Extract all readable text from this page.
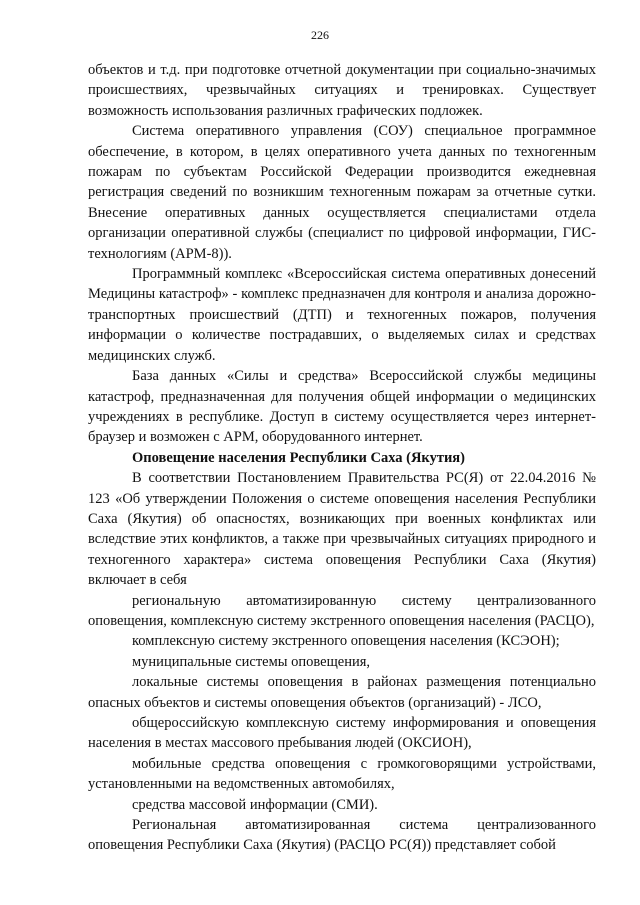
226

объектов и т.д. при подготовке отчетной документации при социально-значимых происшествиях, чрезвычайных ситуациях и тренировках. Существует возможность использования различных графических подложек.

Система оперативного управления (СОУ) специальное программное обеспечение, в котором, в целях оперативного учета данных по техногенным пожарам по субъектам Российской Федерации производится ежедневная регистрация сведений по возникшим техногенным пожарам за отчетные сутки. Внесение оперативных данных осуществляется специалистами отдела организации оперативной службы (специалист по цифровой информации, ГИС-технологиям (АРМ-8)).

Программный комплекс «Всероссийская система оперативных донесений Медицины катастроф» - комплекс предназначен для контроля и анализа дорожно-транспортных происшествий (ДТП) и техногенных пожаров, получения информации о количестве пострадавших, о выделяемых силах и средствах медицинских служб.

База данных «Силы и средства» Всероссийской службы медицины катастроф, предназначенная для получения общей информации о медицинских учреждениях в республике. Доступ в систему осуществляется через интернет-браузер и возможен с АРМ, оборудованного интернет.

Оповещение населения Республики Саха (Якутия)

В соответствии Постановлением Правительства РС(Я) от 22.04.2016 № 123 «Об утверждении Положения о системе оповещения населения Республики Саха (Якутия) об опасностях, возникающих при военных конфликтах или вследствие этих конфликтов, а также при чрезвычайных ситуациях природного и техногенного характера» система оповещения Республики Саха (Якутия) включает в себя

региональную автоматизированную систему централизованного оповещения, комплексную систему экстренного оповещения населения (РАСЦО),

комплексную систему экстренного оповещения населения (КСЭОН);

муниципальные системы оповещения,

локальные системы оповещения в районах размещения потенциально опасных объектов и системы оповещения объектов (организаций) - ЛСО,

общероссийскую комплексную систему информирования и оповещения населения в местах массового пребывания людей (ОКСИОН),

мобильные средства оповещения с громкоговорящими устройствами, установленными на ведомственных автомобилях,

средства массовой информации (СМИ).

Региональная автоматизированная система централизованного оповещения Республики Саха (Якутия) (РАСЦО РС(Я)) представляет собой
